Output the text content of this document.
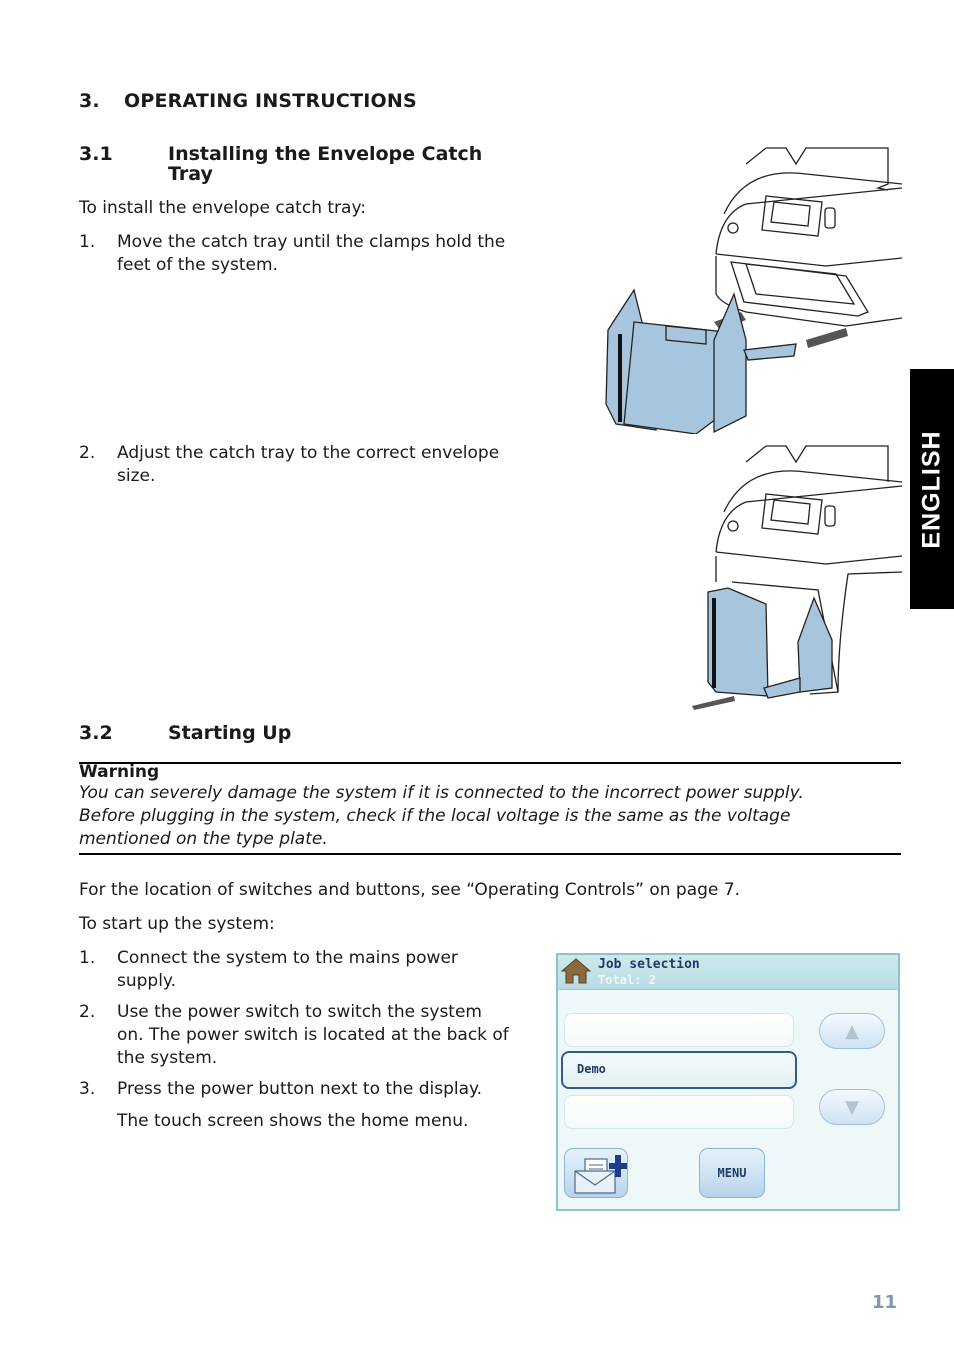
3. OPERATING INSTRUCTIONS
3.1	Installing the Envelope Catch
Tray
To install the envelope catch tray:
1. Move the catch tray until the clamps hold the
feet of the system.
2. Adjust the catch tray to the correct envelope
size.	ENGLISH
3.2	Starting Up
Warning
You can severely damage the system if it is connected to the incorrect power supply.
Before plugging in the system, check if the local voltage is the same as the voltage
mentioned on the type plate.
For the location of switches and buttons, see “Operating Controls” on page 7.
To start up the system:
1. Connect the system to the mains power
supply.
2. Use the power switch to switch the system
on. The power switch is located at the back of
the system.
3. Press the power button next to the display.
The touch screen shows the home menu.
Job selection
Total: 2
Demo
▲
▼
MENU
11
